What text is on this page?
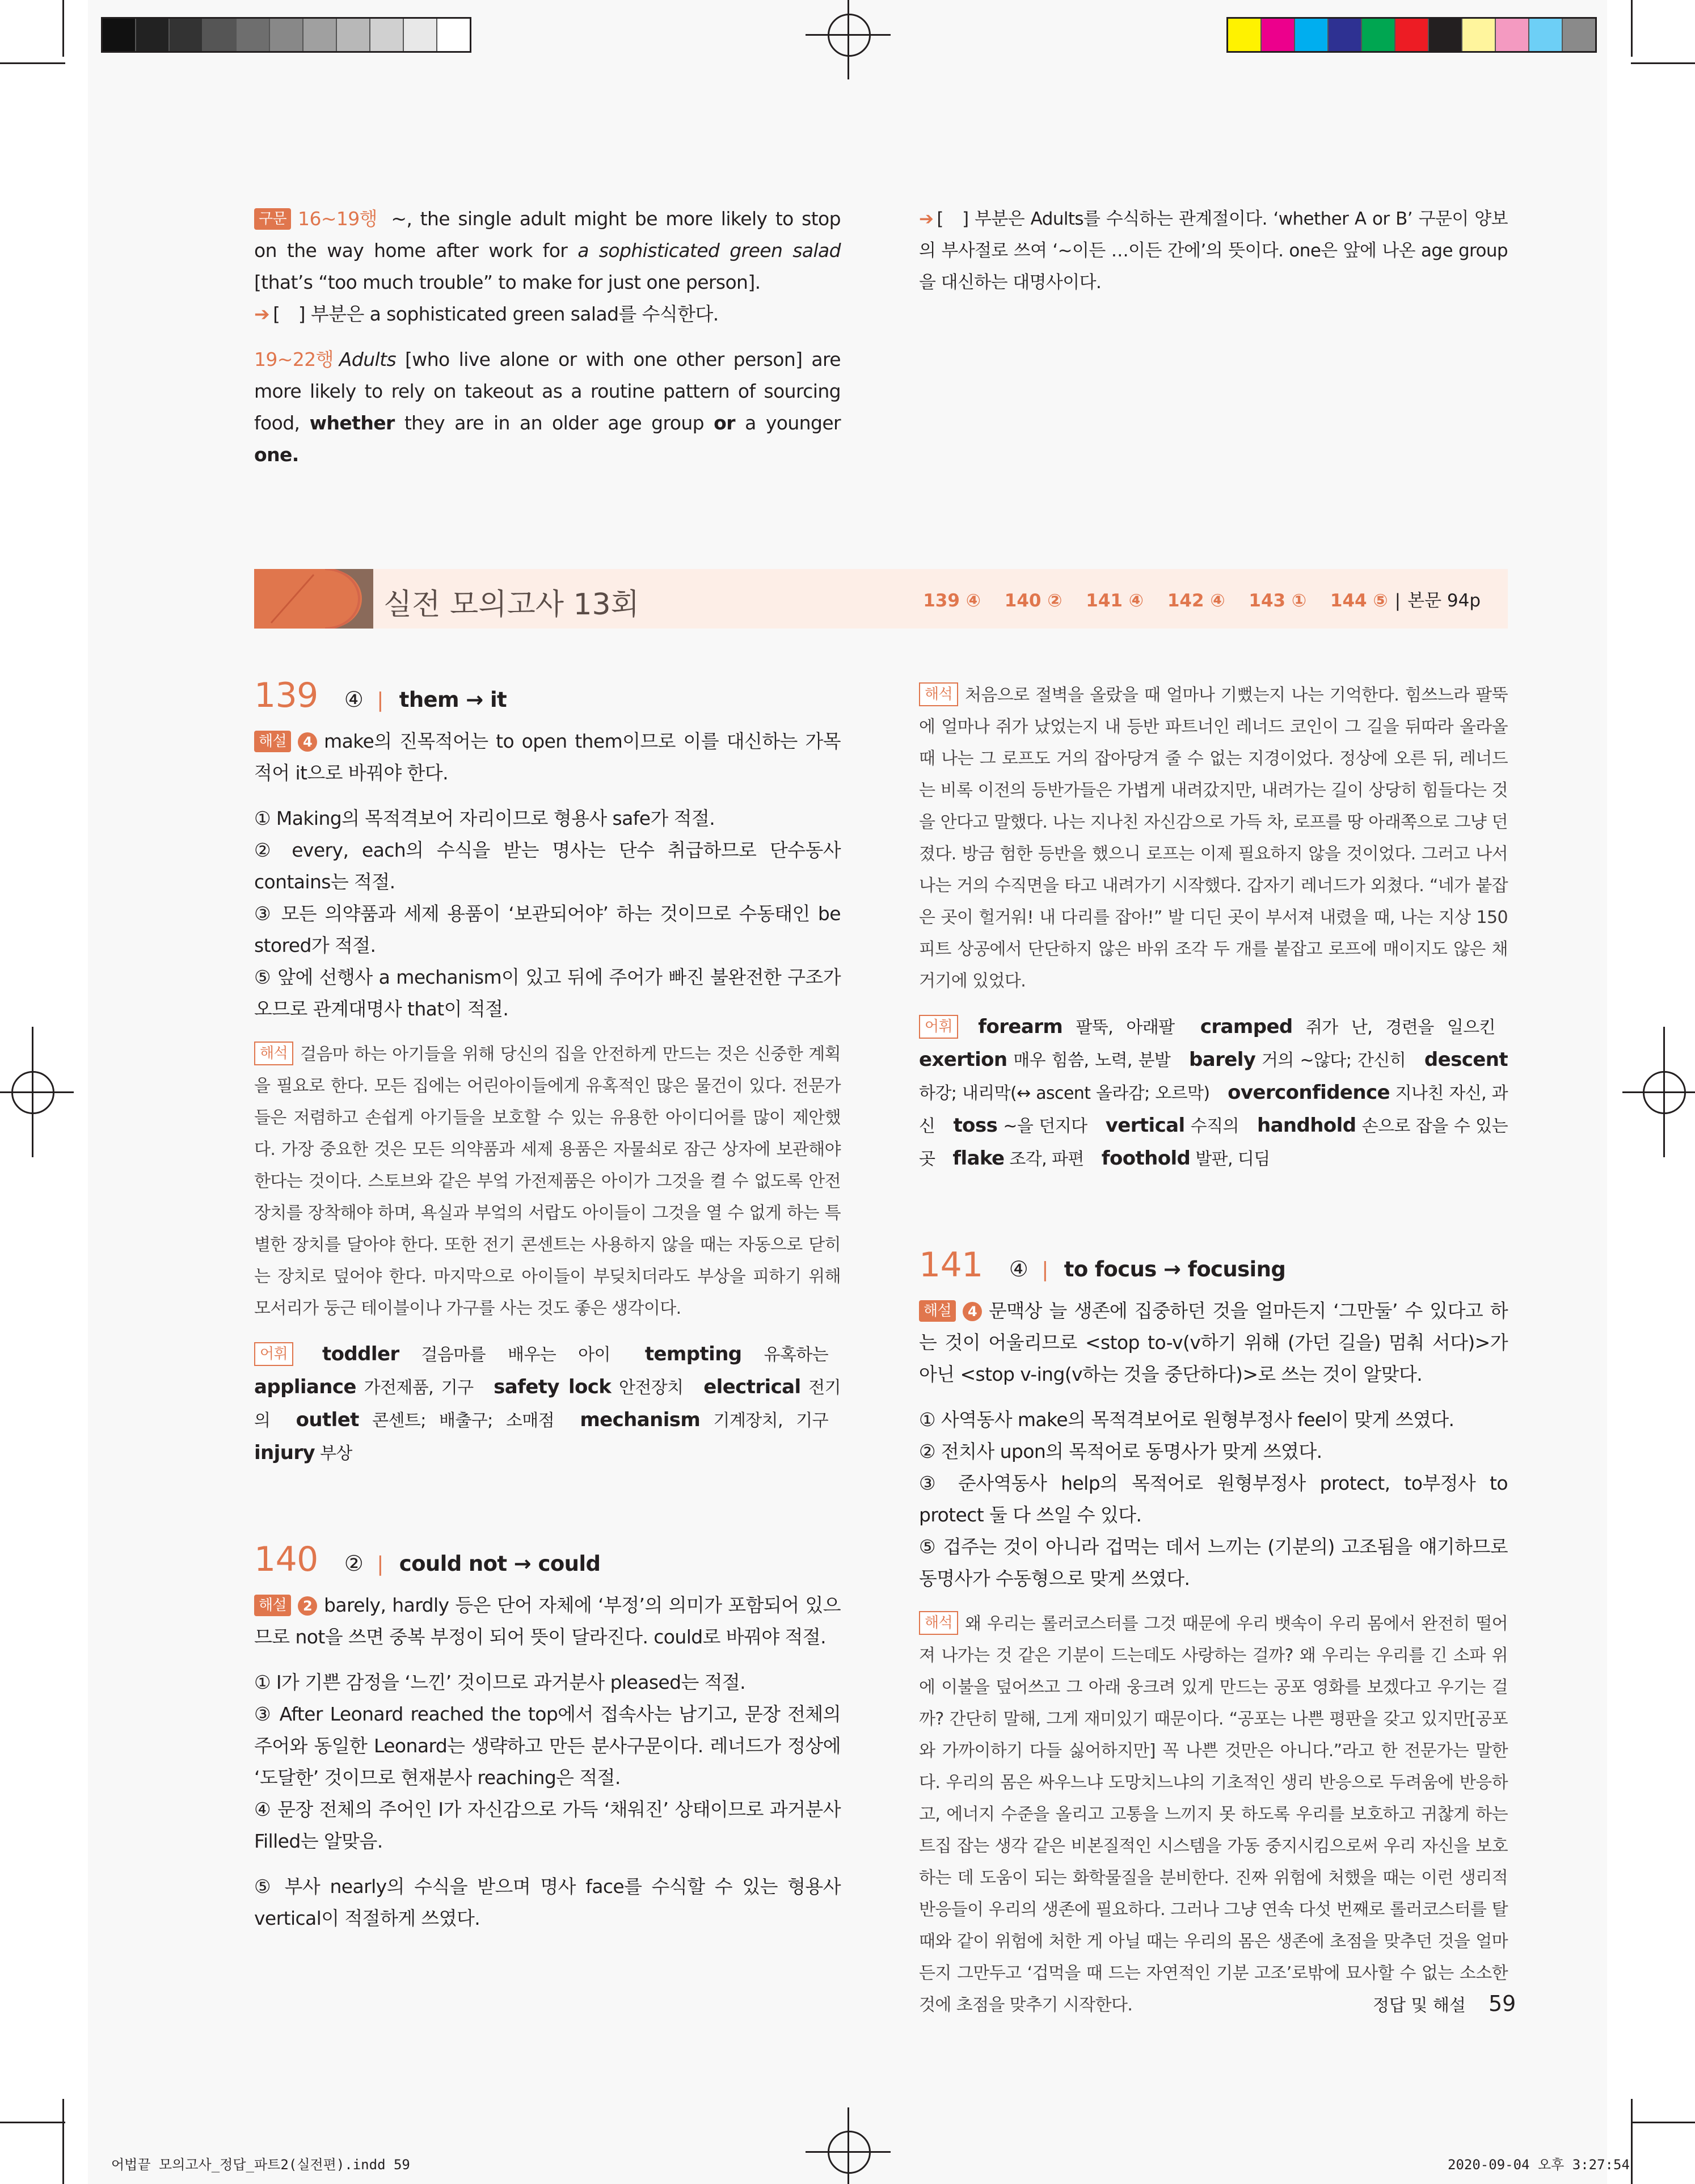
구문 16~19행 ~, the single adult might be more likely to stop on the way home after work for a sophisticated green salad [that’s “too much trouble” to make for just one person].

➔ [　] 부분은 a sophisticated green salad를 수식한다.

19~22행 Adults [who live alone or with one other person] are more likely to rely on takeout as a routine pattern of sourcing food, whether they are in an older age group or a younger one.

➔ [　] 부분은 Adults를 수식하는 관계절이다. ‘whether A or B’ 구문이 양보의 부사절로 쓰여 ‘~이든 …이든 간에’의 뜻이다. one은 앞에 나온 age group을 대신하는 대명사이다.

실전 모의고사 13회	139 ④　 140 ②　 141 ④　 142 ④　 143 ①　 144 ⑤ | 본문 94p
139 ④ | them → it

해설 4 make의 진목적어는 to open them이므로 이를 대신하는 가목적어 it으로 바꿔야 한다.

① Making의 목적격보어 자리이므로 형용사 safe가 적절.

② every, each의 수식을 받는 명사는 단수 취급하므로 단수동사 contains는 적절.

③ 모든 의약품과 세제 용품이 ‘보관되어야’ 하는 것이므로 수동태인 be stored가 적절.

⑤ 앞에 선행사 a mechanism이 있고 뒤에 주어가 빠진 불완전한 구조가 오므로 관계대명사 that이 적절.

해석 걸음마 하는 아기들을 위해 당신의 집을 안전하게 만드는 것은 신중한 계획을 필요로 한다. 모든 집에는 어린아이들에게 유혹적인 많은 물건이 있다. 전문가들은 저렴하고 손쉽게 아기들을 보호할 수 있는 유용한 아이디어를 많이 제안했다. 가장 중요한 것은 모든 의약품과 세제 용품은 자물쇠로 잠근 상자에 보관해야 한다는 것이다. 스토브와 같은 부엌 가전제품은 아이가 그것을 켤 수 없도록 안전장치를 장착해야 하며, 욕실과 부엌의 서랍도 아이들이 그것을 열 수 없게 하는 특별한 장치를 달아야 한다. 또한 전기 콘센트는 사용하지 않을 때는 자동으로 닫히는 장치로 덮어야 한다. 마지막으로 아이들이 부딪치더라도 부상을 피하기 위해 모서리가 둥근 테이블이나 가구를 사는 것도 좋은 생각이다.

어휘 toddler 걸음마를 배우는 아이 tempting 유혹하는 appliance 가전제품, 기구 safety lock 안전장치 electrical 전기의 outlet 콘센트; 배출구; 소매점 mechanism 기계장치, 기구 injury 부상

140 ② | could not → could

해설 2 barely, hardly 등은 단어 자체에 ‘부정’의 의미가 포함되어 있으므로 not을 쓰면 중복 부정이 되어 뜻이 달라진다. could로 바꿔야 적절.

① I가 기쁜 감정을 ‘느낀’ 것이므로 과거분사 pleased는 적절.

③ After Leonard reached the top에서 접속사는 남기고, 문장 전체의 주어와 동일한 Leonard는 생략하고 만든 분사구문이다. 레너드가 정상에 ‘도달한’ 것이므로 현재분사 reaching은 적절.

④ 문장 전체의 주어인 I가 자신감으로 가득 ‘채워진’ 상태이므로 과거분사 Filled는 알맞음.

⑤ 부사 nearly의 수식을 받으며 명사 face를 수식할 수 있는 형용사 vertical이 적절하게 쓰였다.

해석 처음으로 절벽을 올랐을 때 얼마나 기뻤는지 나는 기억한다. 힘쓰느라 팔뚝에 얼마나 쥐가 났었는지 내 등반 파트너인 레너드 코인이 그 길을 뒤따라 올라올 때 나는 그 로프도 거의 잡아당겨 줄 수 없는 지경이었다. 정상에 오른 뒤, 레너드는 비록 이전의 등반가들은 가볍게 내려갔지만, 내려가는 길이 상당히 힘들다는 것을 안다고 말했다. 나는 지나친 자신감으로 가득 차, 로프를 땅 아래쪽으로 그냥 던졌다. 방금 험한 등반을 했으니 로프는 이제 필요하지 않을 것이었다. 그러고 나서 나는 거의 수직면을 타고 내려가기 시작했다. 갑자기 레너드가 외쳤다. “네가 붙잡은 곳이 헐거워! 내 다리를 잡아!” 발 디딘 곳이 부서져 내렸을 때, 나는 지상 150피트 상공에서 단단하지 않은 바위 조각 두 개를 붙잡고 로프에 매이지도 않은 채 거기에 있었다.

어휘 forearm 팔뚝, 아래팔 cramped 쥐가 난, 경련을 일으킨 exertion 매우 힘씀, 노력, 분발 barely 거의 ~않다; 간신히 descent 하강; 내리막(↔ ascent 올라감; 오르막) overconfidence 지나친 자신, 과신 toss ~을 던지다 vertical 수직의 handhold 손으로 잡을 수 있는 곳 flake 조각, 파편 foothold 발판, 디딤

141 ④ | to focus → focusing

해설 4 문맥상 늘 생존에 집중하던 것을 얼마든지 ‘그만둘’ 수 있다고 하는 것이 어울리므로 <stop to-v(v하기 위해 (가던 길을) 멈춰 서다)>가 아닌 <stop v-ing(v하는 것을 중단하다)>로 쓰는 것이 알맞다.

① 사역동사 make의 목적격보어로 원형부정사 feel이 맞게 쓰였다.

② 전치사 upon의 목적어로 동명사가 맞게 쓰였다.

③ 준사역동사 help의 목적어로 원형부정사 protect, to부정사 to protect 둘 다 쓰일 수 있다.

⑤ 겁주는 것이 아니라 겁먹는 데서 느끼는 (기분의) 고조됨을 얘기하므로 동명사가 수동형으로 맞게 쓰였다.

해석 왜 우리는 롤러코스터를 그것 때문에 우리 뱃속이 우리 몸에서 완전히 떨어져 나가는 것 같은 기분이 드는데도 사랑하는 걸까? 왜 우리는 우리를 긴 소파 위에 이불을 덮어쓰고 그 아래 웅크려 있게 만드는 공포 영화를 보겠다고 우기는 걸까? 간단히 말해, 그게 재미있기 때문이다. “공포는 나쁜 평판을 갖고 있지만[공포와 가까이하기 다들 싫어하지만] 꼭 나쁜 것만은 아니다.”라고 한 전문가는 말한다. 우리의 몸은 싸우느냐 도망치느냐의 기초적인 생리 반응으로 두려움에 반응하고, 에너지 수준을 올리고 고통을 느끼지 못 하도록 우리를 보호하고 귀찮게 하는 트집 잡는 생각 같은 비본질적인 시스템을 가동 중지시킴으로써 우리 자신을 보호하는 데 도움이 되는 화학물질을 분비한다. 진짜 위험에 처했을 때는 이런 생리적 반응들이 우리의 생존에 필요하다. 그러나 그냥 연속 다섯 번째로 롤러코스터를 탈 때와 같이 위험에 처한 게 아닐 때는 우리의 몸은 생존에 초점을 맞추던 것을 얼마든지 그만두고 ‘겁먹을 때 드는 자연적인 기분 고조’로밖에 묘사할 수 없는 소소한 것에 초점을 맞추기 시작한다.	정답 및 해설 59
어법끝 모의고사_정답_파트2(실전편).indd 59	2020-09-04 오후 3:27:54
